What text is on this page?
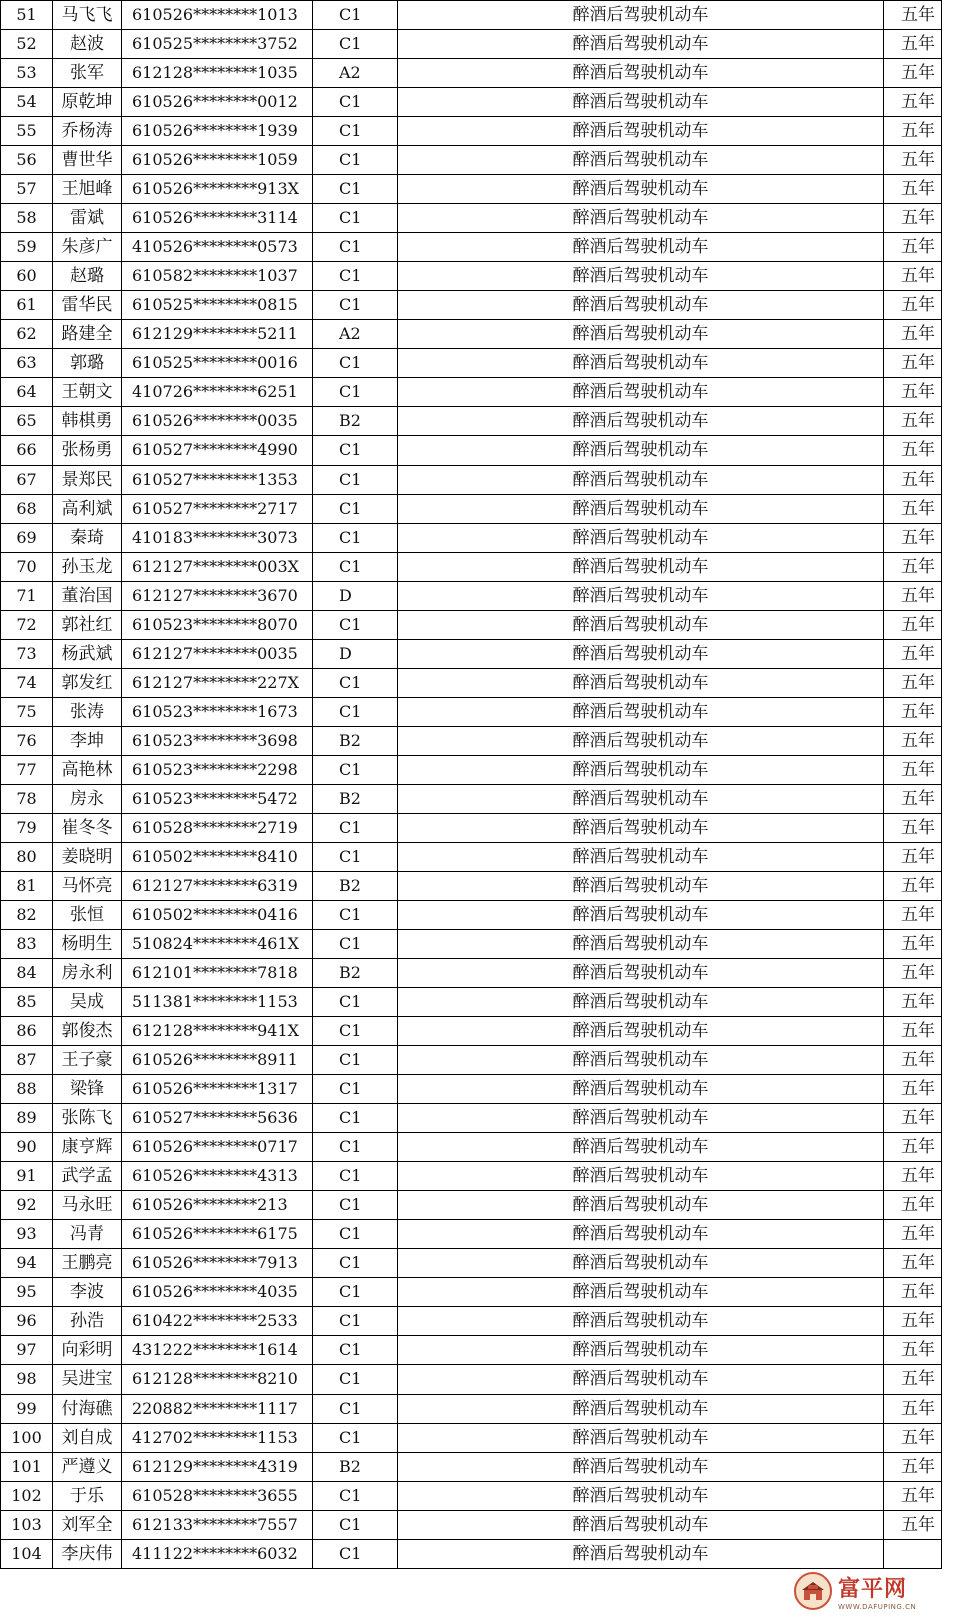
51	马飞飞	610526********1013	C1	醉酒后驾驶机动车	五年
52	赵波	610525********3752	C1	醉酒后驾驶机动车	五年
53	张军	612128********1035	A2	醉酒后驾驶机动车	五年
54	原乾坤	610526********0012	C1	醉酒后驾驶机动车	五年
55	乔杨涛	610526********1939	C1	醉酒后驾驶机动车	五年
56	曹世华	610526********1059	C1	醉酒后驾驶机动车	五年
57	王旭峰	610526********913X	C1	醉酒后驾驶机动车	五年
58	雷斌	610526********3114	C1	醉酒后驾驶机动车	五年
59	朱彦广	410526********0573	C1	醉酒后驾驶机动车	五年
60	赵璐	610582********1037	C1	醉酒后驾驶机动车	五年
61	雷华民	610525********0815	C1	醉酒后驾驶机动车	五年
62	路建全	612129********5211	A2	醉酒后驾驶机动车	五年
63	郭璐	610525********0016	C1	醉酒后驾驶机动车	五年
64	王朝文	410726********6251	C1	醉酒后驾驶机动车	五年
65	韩棋勇	610526********0035	B2	醉酒后驾驶机动车	五年
66	张杨勇	610527********4990	C1	醉酒后驾驶机动车	五年
67	景郑民	610527********1353	C1	醉酒后驾驶机动车	五年
68	高利斌	610527********2717	C1	醉酒后驾驶机动车	五年
69	秦琦	410183********3073	C1	醉酒后驾驶机动车	五年
70	孙玉龙	612127********003X	C1	醉酒后驾驶机动车	五年
71	董治国	612127********3670	D	醉酒后驾驶机动车	五年
72	郭社红	610523********8070	C1	醉酒后驾驶机动车	五年
73	杨武斌	612127********0035	D	醉酒后驾驶机动车	五年
74	郭发红	612127********227X	C1	醉酒后驾驶机动车	五年
75	张涛	610523********1673	C1	醉酒后驾驶机动车	五年
76	李坤	610523********3698	B2	醉酒后驾驶机动车	五年
77	高艳林	610523********2298	C1	醉酒后驾驶机动车	五年
78	房永	610523********5472	B2	醉酒后驾驶机动车	五年
79	崔冬冬	610528********2719	C1	醉酒后驾驶机动车	五年
80	姜晓明	610502********8410	C1	醉酒后驾驶机动车	五年
81	马怀亮	612127********6319	B2	醉酒后驾驶机动车	五年
82	张恒	610502********0416	C1	醉酒后驾驶机动车	五年
83	杨明生	510824********461X	C1	醉酒后驾驶机动车	五年
84	房永利	612101********7818	B2	醉酒后驾驶机动车	五年
85	吴成	511381********1153	C1	醉酒后驾驶机动车	五年
86	郭俊杰	612128********941X	C1	醉酒后驾驶机动车	五年
87	王子豪	610526********8911	C1	醉酒后驾驶机动车	五年
88	梁锋	610526********1317	C1	醉酒后驾驶机动车	五年
89	张陈飞	610527********5636	C1	醉酒后驾驶机动车	五年
90	康亨辉	610526********0717	C1	醉酒后驾驶机动车	五年
91	武学孟	610526********4313	C1	醉酒后驾驶机动车	五年
92	马永旺	610526********213	C1	醉酒后驾驶机动车	五年
93	冯青	610526********6175	C1	醉酒后驾驶机动车	五年
94	王鹏亮	610526********7913	C1	醉酒后驾驶机动车	五年
95	李波	610526********4035	C1	醉酒后驾驶机动车	五年
96	孙浩	610422********2533	C1	醉酒后驾驶机动车	五年
97	向彩明	431222********1614	C1	醉酒后驾驶机动车	五年
98	吴进宝	612128********8210	C1	醉酒后驾驶机动车	五年
99	付海礁	220882********1117	C1	醉酒后驾驶机动车	五年
100	刘自成	412702********1153	C1	醉酒后驾驶机动车	五年
101	严遵义	612129********4319	B2	醉酒后驾驶机动车	五年
102	于乐	610528********3655	C1	醉酒后驾驶机动车	五年
103	刘军全	612133********7557	C1	醉酒后驾驶机动车	五年
104	李庆伟	411122********6032	C1	醉酒后驾驶机动车	
富平网
WWW.DAFUPING.CN
